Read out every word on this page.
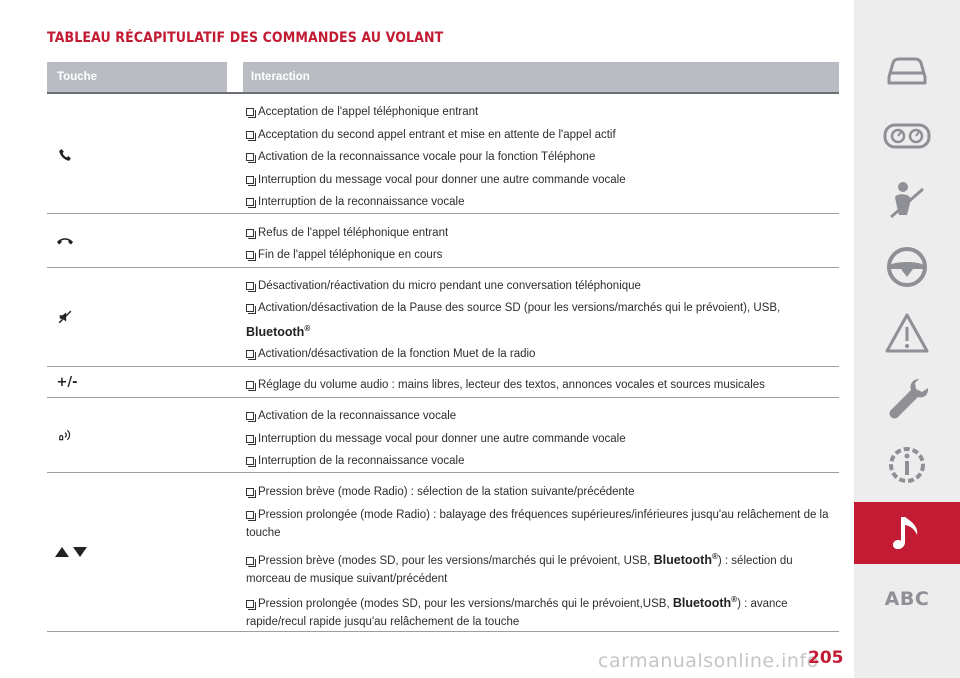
TABLEAU RÉCAPITULATIF DES COMMANDES AU VOLANT
Touche	Interaction
Acceptation de l'appel téléphonique entrant
Acceptation du second appel entrant et mise en attente de l'appel actif
Activation de la reconnaissance vocale pour la fonction Téléphone
Interruption du message vocal pour donner une autre commande vocale
Interruption de la reconnaissance vocale
Refus de l'appel téléphonique entrant
Fin de l'appel téléphonique en cours
Désactivation/réactivation du micro pendant une conversation téléphonique
Activation/désactivation de la Pause des source SD (pour les versions/marchés qui le prévoient), USB,
Bluetooth®
Activation/désactivation de la fonction Muet de la radio
+/-	Réglage du volume audio : mains libres, lecteur des textos, annonces vocales et sources musicales
Activation de la reconnaissance vocale
Interruption du message vocal pour donner une autre commande vocale
Interruption de la reconnaissance vocale
Pression brève (mode Radio) : sélection de la station suivante/précédente
Pression prolongée (mode Radio) : balayage des fréquences supérieures/inférieures jusqu'au relâchement de la touche
Pression brève (modes SD, pour les versions/marchés qui le prévoient, USB, Bluetooth®) : sélection du morceau de musique suivant/précédent
Pression prolongée (modes SD, pour les versions/marchés qui le prévoient,USB, Bluetooth®) : avance rapide/recul rapide jusqu'au relâchement de la touche
carmanualsonline.info
205
ABC
